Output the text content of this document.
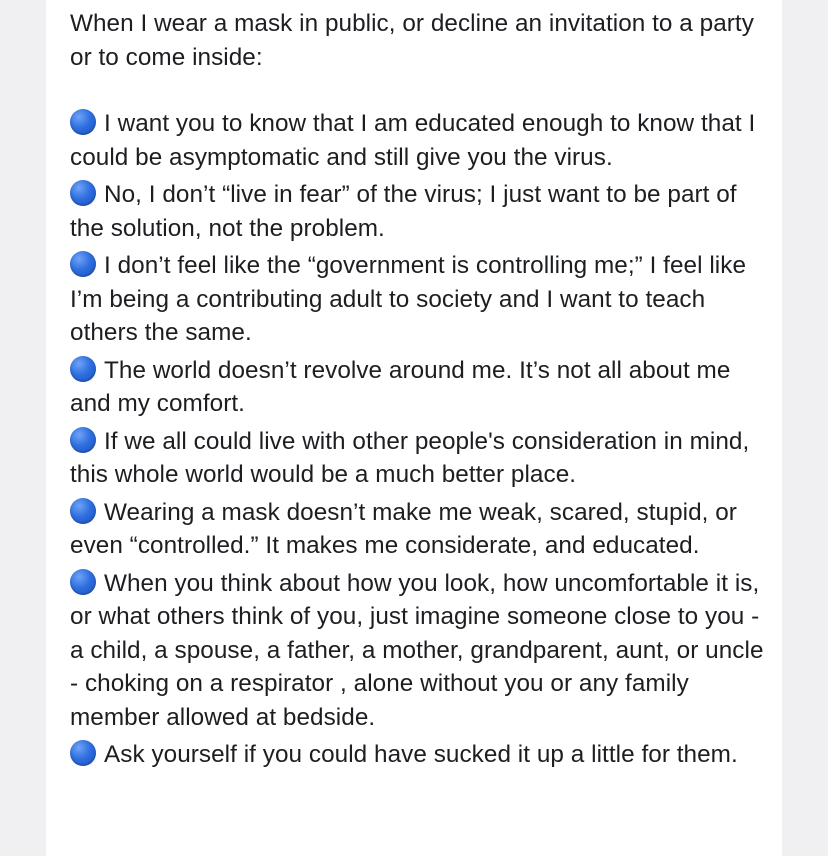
When I wear a mask in public, or decline an invitation to a party or to come inside:

I want you to know that I am educated enough to know that I could be asymptomatic and still give you the virus.

No, I don’t “live in fear” of the virus; I just want to be part of the solution, not the problem.

I don’t feel like the “government is controlling me;” I feel like I’m being a contributing adult to society and I want to teach others the same.

The world doesn’t revolve around me. It’s not all about me and my comfort.

If we all could live with other people's consideration in mind, this whole world would be a much better place.

Wearing a mask doesn’t make me weak, scared, stupid, or even “controlled.” It makes me considerate, and educated.

When you think about how you look, how uncomfortable it is, or what others think of you, just imagine someone close to you - a child, a spouse, a father, a mother, grandparent, aunt, or uncle - choking on a respirator , alone without you or any family member allowed at bedside.

Ask yourself if you could have sucked it up a little for them.
